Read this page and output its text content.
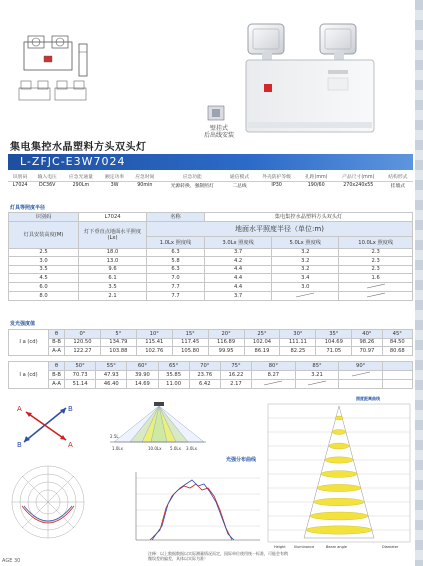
壁挂式
后出线安装
集电集控水晶塑料方头双头灯
L-ZFJC-E3W7024
识别码	输入电压	应急光通量	额定功率	应急时间	应急功能	通信模式	外壳防护等级	孔距(mm)	产品尺寸(mm)	结构形式
L7024	DC36V	290Lm	3W	90min	光源转换、强制照灯	二总线	IP30	190/60	270x240x55	挂墙式
灯具等照度半径
识别码	L7024	名称	集电集控水晶塑料方头双头灯		
灯具安装高度(M)	灯下垂直点地面水平照度(Lx)	地面水平照度半径（单位:m)			
		1.0Lx 照度线	3.0Lx 照度线	5.0Lx 照度线	10.0Lx 照度线
2.5	18.0	6.3	3.7	3.2	2.3
3.0	13.0	5.8	4.2	3.2	2.3
3.5	9.6	6.3	4.4	3.2	2.3
4.5	6.1	7.0	4.4	3.4	1.6
6.0	3.5	7.7	4.4	3.0	
8.0	2.1	7.7	3.7		
发光强度值
I a (cd)	θ	0°	5°	10°	15°	20°	25°	30°	35°	40°	45°
	B-B	120.50	134.79	115.41	117.45	116.89	102.04	111.11	104.69	98.26	84.50
	A-A	122.27	103.88	102.76	105.80	99.95	86.19	82.25	71.05	70.97	80.68
I a (cd)	θ	50°	55°	60°	65°	70°	75°	80°	85°	90°	
	B-B	70.73	47.93	39.90	35.85	23.76	16.22	8.27	3.21		
	A-A	51.14	46.40	14.69	11.00	6.42	2.17				
A	B
B	A
2.5L
10.0Lx 5.0Lx 3.0Lx
1.0Lx
光强分布曲线
照度距离曲线
Height Illuminance	Beam angle	Diameter
注释：以上数据数据以实际测量情况而定，国际单位使用统一标准，可能会有稍微误差的偏差，具体以实际为准！
AGE 30
